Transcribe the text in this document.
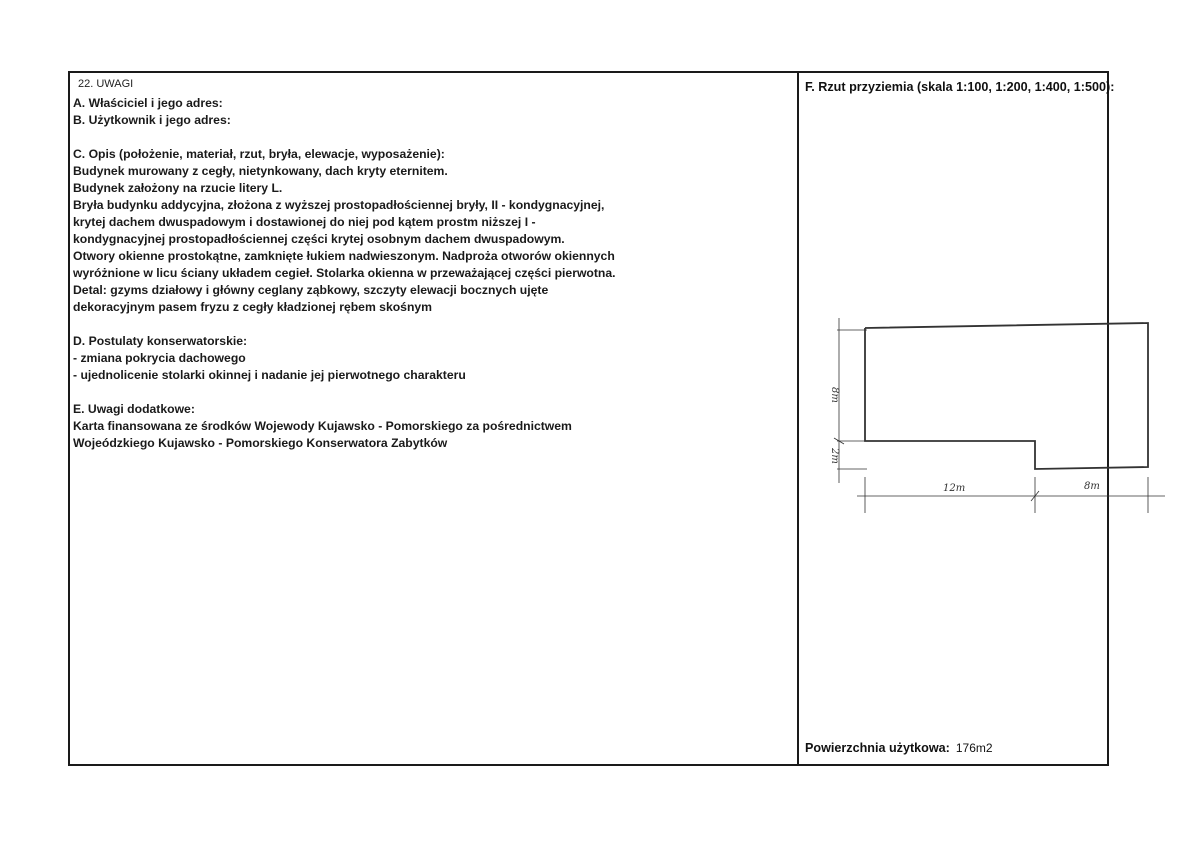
22. UWAGI
A. Właściciel i jego adres:
B. Użytkownik i jego adres:
C. Opis (położenie, materiał, rzut, bryła, elewacje, wyposażenie):
Budynek murowany z cegły, nietynkowany, dach kryty eternitem.
Budynek założony na rzucie litery L.
Bryła budynku addycyjna, złożona z wyższej prostopadłościennej bryły, II - kondygnacyjnej,
krytej dachem dwuspadowym i dostawionej do niej pod kątem prostm niższej I -
kondygnacyjnej prostopadłościennej części krytej osobnym dachem dwuspadowym.
Otwory okienne prostokątne, zamknięte łukiem nadwieszonym. Nadproża otworów okiennych
wyróżnione w licu ściany układem cegieł. Stolarka okienna w przeważającej części pierwotna.
Detal: gzyms działowy i główny ceglany ząbkowy, szczyty elewacji bocznych ujęte
dekoracyjnym pasem fryzu z cegły kładzionej rębem skośnym
D. Postulaty konserwatorskie:
- zmiana pokrycia dachowego
- ujednolicenie stolarki okinnej i nadanie jej pierwotnego charakteru
E. Uwagi dodatkowe:
Karta finansowana ze środków Wojewody Kujawsko - Pomorskiego za pośrednictwem
Wojeódzkiego Kujawsko - Pomorskiego Konserwatora Zabytków
F. Rzut przyziemia (skala 1:100, 1:200, 1:400, 1:500):
8m
2m
12m	8m
Powierzchnia użytkowa: 176m2
